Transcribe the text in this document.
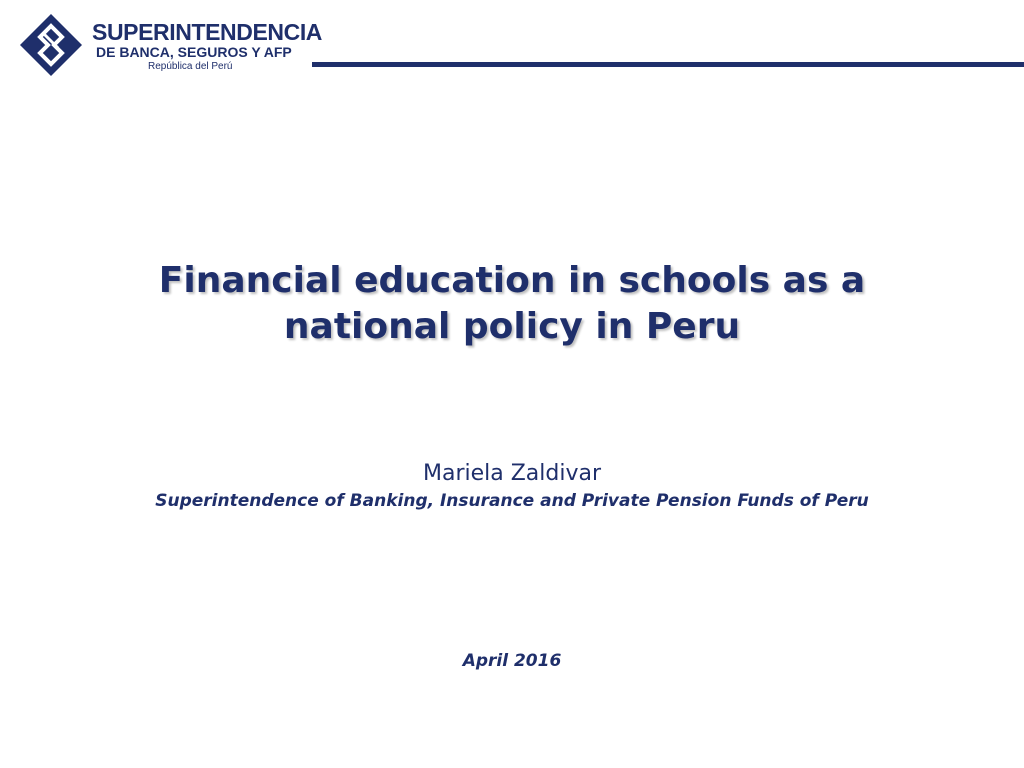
SUPERINTENDENCIA
DE BANCA, SEGUROS Y AFP
República del Perú
Financial education in schools as a
national policy in Peru
Mariela Zaldivar
Superintendence of Banking, Insurance and Private Pension Funds of Peru
April 2016
